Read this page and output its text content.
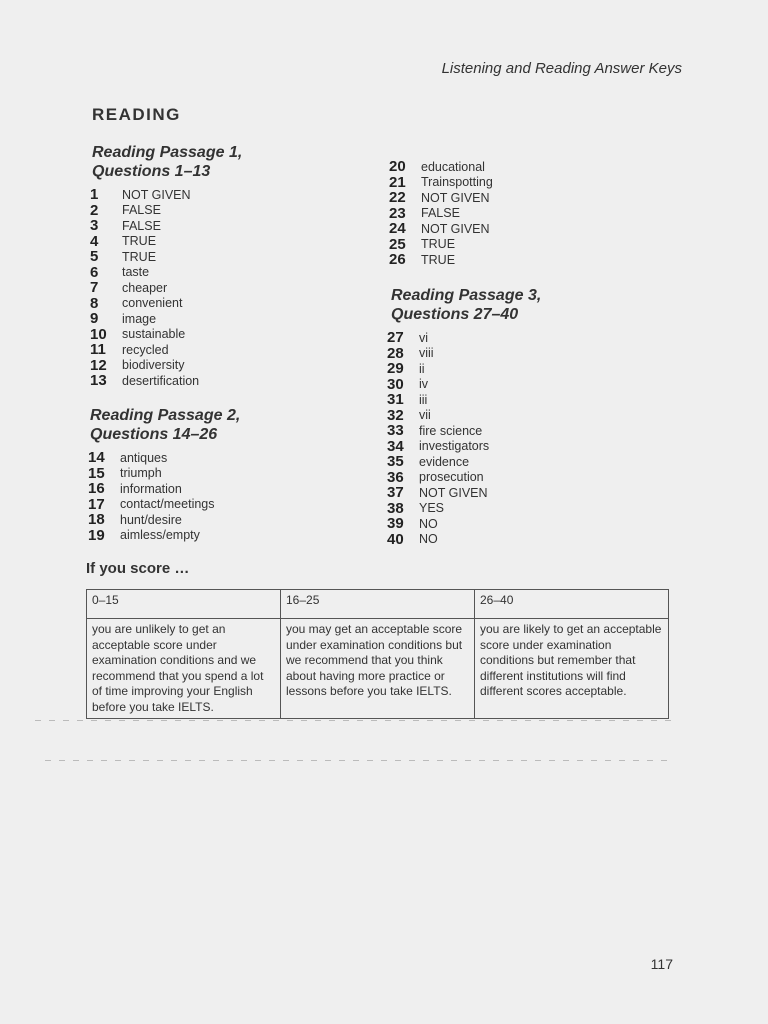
Listening and Reading Answer Keys
READING
Reading Passage 1,
Questions 1–13
1	NOT GIVEN
2	FALSE
3	FALSE
4	TRUE
5	TRUE
6	taste
7	cheaper
8	convenient
9	image
10	sustainable
11	recycled
12	biodiversity
13	desertification
Reading Passage 2,
Questions 14–26
14	antiques
15	triumph
16	information
17	contact/meetings
18	hunt/desire
19	aimless/empty
20	educational
21	Trainspotting
22	NOT GIVEN
23	FALSE
24	NOT GIVEN
25	TRUE
26	TRUE
Reading Passage 3,
Questions 27–40
27	vi
28	viii
29	ii
30	iv
31	iii
32	vii
33	fire science
34	investigators
35	evidence
36	prosecution
37	NOT GIVEN
38	YES
39	NO
40	NO
If you score …
0–15	16–25	26–40
you are unlikely to get an acceptable score under examination conditions and we recommend that you spend a lot of time improving your English before you take IELTS.	you may get an acceptable score under examination conditions but we recommend that you think about having more practice or lessons before you take IELTS.	you are likely to get an acceptable score under examination conditions but remember that different institutions will find different scores acceptable.
117
